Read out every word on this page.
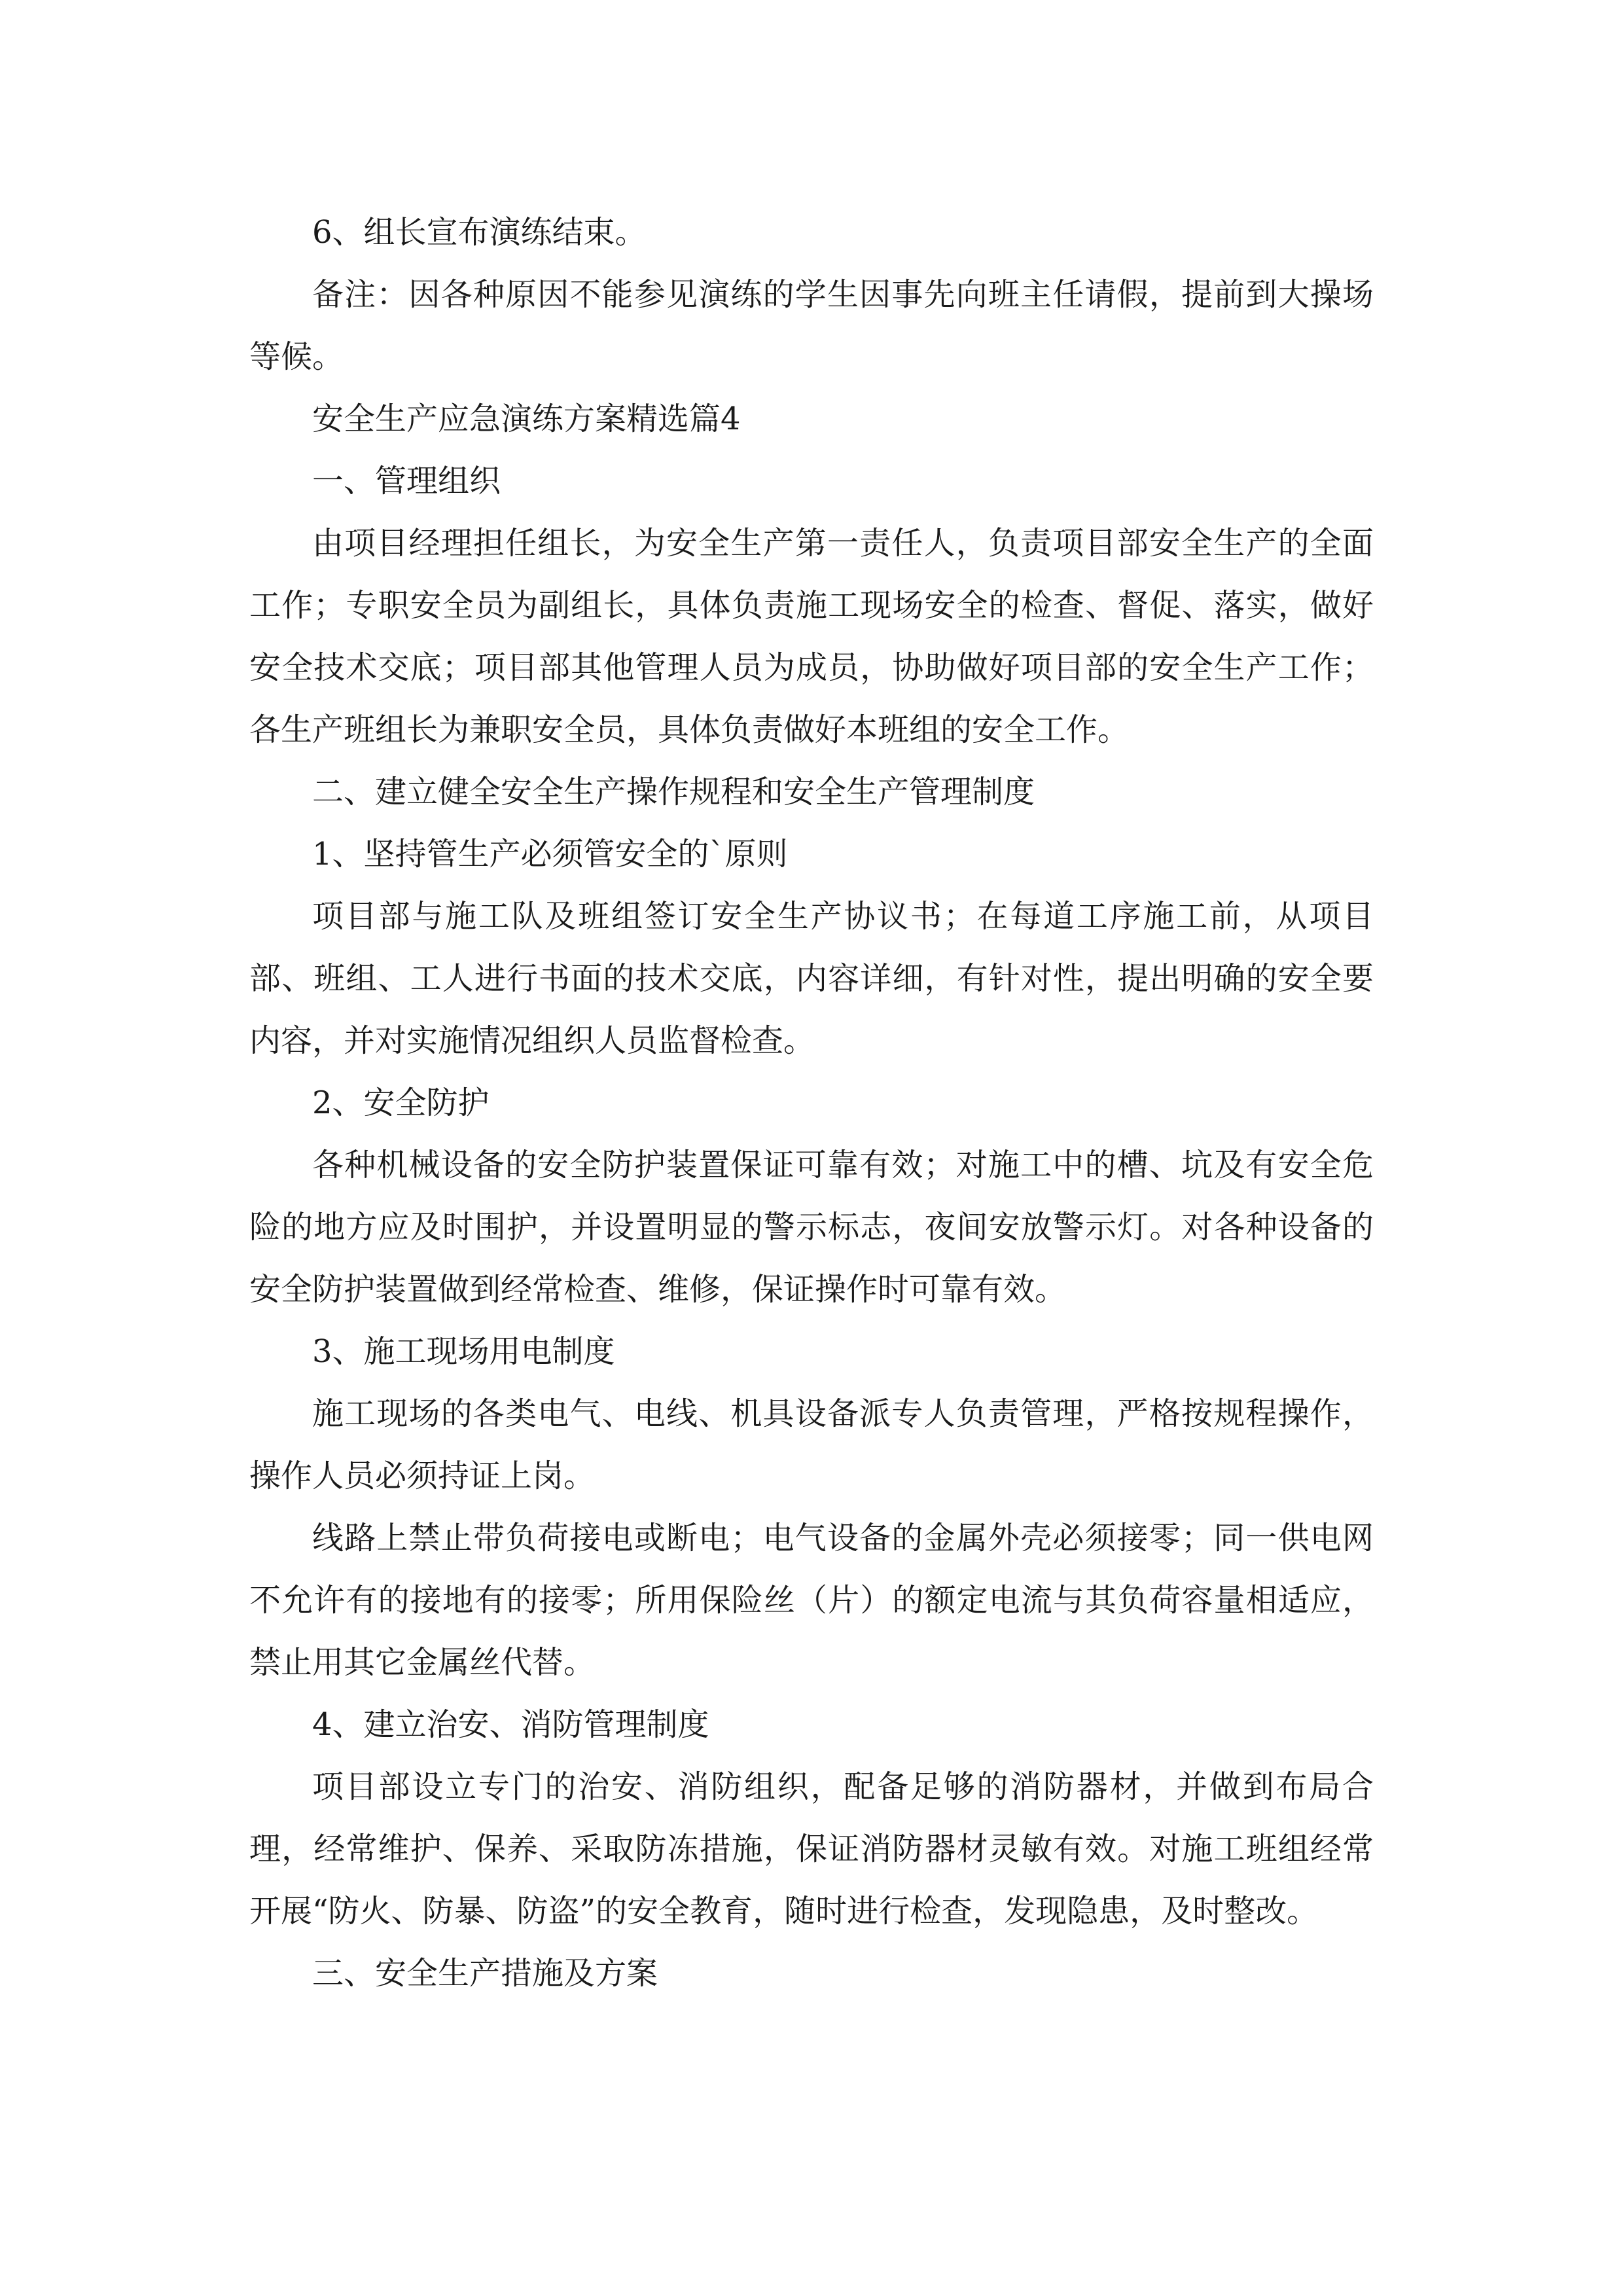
6、组长宣布演练结束。

备注：因各种原因不能参见演练的学生因事先向班主任请假，提前到大操场等候。

安全生产应急演练方案精选篇4

一、管理组织

由项目经理担任组长，为安全生产第一责任人，负责项目部安全生产的全面工作；专职安全员为副组长，具体负责施工现场安全的检查、督促、落实，做好安全技术交底；项目部其他管理人员为成员，协助做好项目部的安全生产工作；各生产班组长为兼职安全员，具体负责做好本班组的安全工作。

二、建立健全安全生产操作规程和安全生产管理制度

1、坚持管生产必须管安全的`原则

项目部与施工队及班组签订安全生产协议书；在每道工序施工前，从项目部、班组、工人进行书面的技术交底，内容详细，有针对性，提出明确的安全要内容，并对实施情况组织人员监督检查。

2、安全防护

各种机械设备的安全防护装置保证可靠有效；对施工中的槽、坑及有安全危险的地方应及时围护，并设置明显的警示标志，夜间安放警示灯。对各种设备的安全防护装置做到经常检查、维修，保证操作时可靠有效。

3、施工现场用电制度

施工现场的各类电气、电线、机具设备派专人负责管理，严格按规程操作，操作人员必须持证上岗。

线路上禁止带负荷接电或断电；电气设备的金属外壳必须接零；同一供电网不允许有的接地有的接零；所用保险丝（片）的额定电流与其负荷容量相适应，禁止用其它金属丝代替。

4、建立治安、消防管理制度

项目部设立专门的治安、消防组织，配备足够的消防器材，并做到布局合理，经常维护、保养、采取防冻措施，保证消防器材灵敏有效。对施工班组经常开展“防火、防暴、防盗”的安全教育，随时进行检查，发现隐患，及时整改。

三、安全生产措施及方案
